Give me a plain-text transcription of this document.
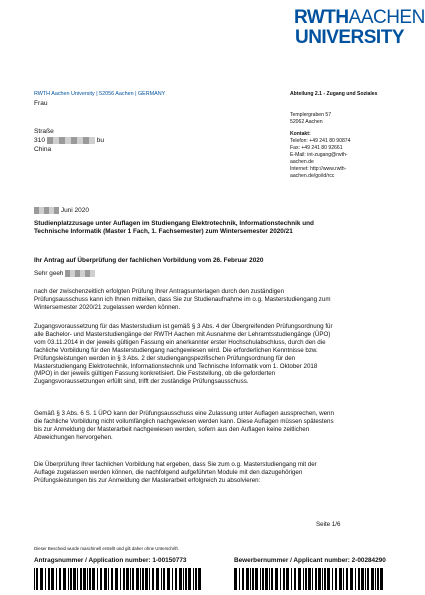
RWTHAACHEN
UNIVERSITY
RWTH Aachen University | 52056 Aachen | GERMANY
Frau
Straße
310	bu
China
Abteilung 2.1 - Zugang und Soziales
Templergraben 57
52062 Aachen
Kontakt:
Telefon: +49 241 80 90874
Fax: +49 241 80 92661
E-Mail: int-zugang@rwth-aachen.de
Internet: http://www.rwth-aachen.de/go/id/rcc
Juni 2020
Studienplatzzusage unter Auflagen im Studiengang Elektrotechnik, Informationstechnik und Technische Informatik (Master 1 Fach, 1. Fachsemester) zum Wintersemester 2020/21
Ihr Antrag auf Überprüfung der fachlichen Vorbildung vom 26. Februar 2020
Sehr geeh
nach der zwischenzeitlich erfolgten Prüfung Ihrer Antragsunterlagen durch den zuständigen Prüfungsausschuss kann ich Ihnen mitteilen, dass Sie zur Studienaufnahme im o.g. Masterstudiengang zum Wintersemester 2020/21 zugelassen werden können.
Zugangsvoraussetzung für das Masterstudium ist gemäß § 3 Abs. 4 der Übergreifenden Prüfungsordnung für alle Bachelor- und Masterstudiengänge der RWTH Aachen mit Ausnahme der Lehramtsstudiengänge (ÜPO) vom 03.11.2014 in der jeweils gültigen Fassung ein anerkannter erster Hochschulabschluss, durch den die fachliche Vorbildung für den Masterstudiengang nachgewiesen wird. Die erforderlichen Kenntnisse bzw. Prüfungsleistungen werden in § 3 Abs. 2 der studiengangspezifischen Prüfungsordnung für den Masterstudiengang Elektrotechnik, Informationstechnik und Technische Informatik vom 1. Oktober 2018 (MPO) in der jeweils gültigen Fassung konkretisiert. Die Feststellung, ob die geforderten Zugangsvoraussetzungen erfüllt sind, trifft der zuständige Prüfungsausschuss.
Gemäß § 3 Abs. 6 S. 1 ÜPO kann der Prüfungsausschuss eine Zulassung unter Auflagen aussprechen, wenn die fachliche Vorbildung nicht vollumfänglich nachgewiesen werden kann. Diese Auflagen müssen spätestens bis zur Anmeldung der Masterarbeit nachgewiesen werden, sofern aus den Auflagen keine zeitlichen Abweichungen hervorgehen.
Die Überprüfung Ihrer fachlichen Vorbildung hat ergeben, dass Sie zum o.g. Masterstudiengang mit der Auflage zugelassen werden können, die nachfolgend aufgeführten Module mit den dazugehörigen Prüfungsleistungen bis zur Anmeldung der Masterarbeit erfolgreich zu absolvieren:
Seite 1/6
Dieser Bescheid wurde maschinell erstellt und gilt daher ohne Unterschrift.
Antragsnummer / Application number: 1-00150773	Bewerbernummer / Applicant number: 2-00284290
